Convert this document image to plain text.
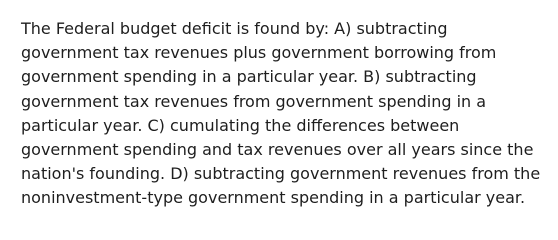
The Federal budget deficit is found by: A) subtracting
government tax revenues plus government borrowing from
government spending in a particular year. B) subtracting
government tax revenues from government spending in a
particular year. C) cumulating the differences between
government spending and tax revenues over all years since the
nation's founding. D) subtracting government revenues from the
noninvestment-type government spending in a particular year.
